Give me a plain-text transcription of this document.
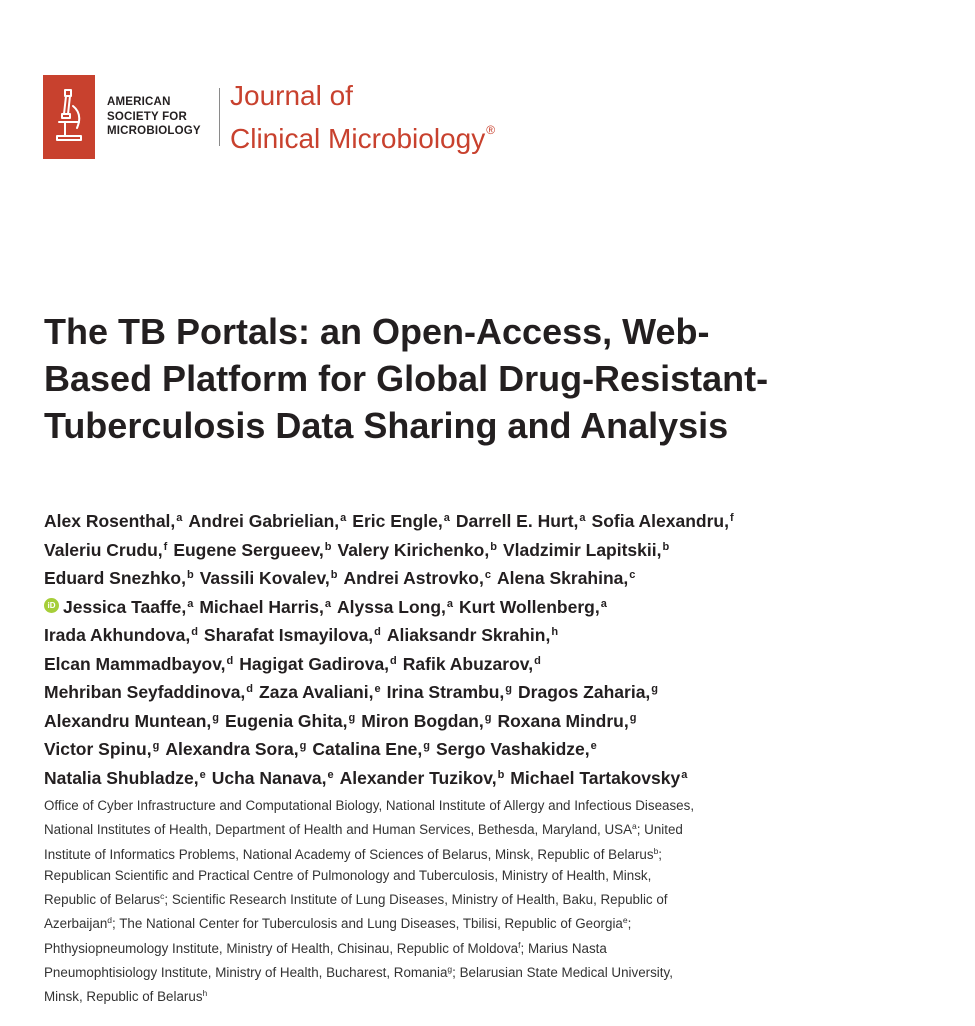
AMERICAN
SOCIETY FOR
MICROBIOLOGY
Journal of
Clinical Microbiology®
The TB Portals: an Open-Access, Web-
Based Platform for Global Drug-Resistant-
Tuberculosis Data Sharing and Analysis
Alex Rosenthal,$^a$ Andrei Gabrielian,$^a$ Eric Engle,$^a$ Darrell E. Hurt,$^a$ Sofia Alexandru,$^f$
Valeriu Crudu,$^f$ Eugene Sergueev,$^b$ Valery Kirichenko,$^b$ Vladzimir Lapitskii,$^b$
Eduard Snezhko,$^b$ Vassili Kovalev,$^b$ Andrei Astrovko,$^c$ Alena Skrahina,$^c$
iD Jessica Taaffe,$^a$ Michael Harris,$^a$ Alyssa Long,$^a$ Kurt Wollenberg,$^a$
Irada Akhundova,$^d$ Sharafat Ismayilova,$^d$ Aliaksandr Skrahin,$^h$
Elcan Mammadbayov,$^d$ Hagigat Gadirova,$^d$ Rafik Abuzarov,$^d$
Mehriban Seyfaddinova,$^d$ Zaza Avaliani,$^e$ Irina Strambu,$^g$ Dragos Zaharia,$^g$
Alexandru Muntean,$^g$ Eugenia Ghita,$^g$ Miron Bogdan,$^g$ Roxana Mindru,$^g$
Victor Spinu,$^g$ Alexandra Sora,$^g$ Catalina Ene,$^g$ Sergo Vashakidze,$^e$
Natalia Shubladze,$^e$ Ucha Nanava,$^e$ Alexander Tuzikov,$^b$ Michael Tartakovsky$^a$
Office of Cyber Infrastructure and Computational Biology, National Institute of Allergy and Infectious Diseases,
National Institutes of Health, Department of Health and Human Services, Bethesda, Maryland, USA$^a$; United
Institute of Informatics Problems, National Academy of Sciences of Belarus, Minsk, Republic of Belarus$^b$;
Republican Scientific and Practical Centre of Pulmonology and Tuberculosis, Ministry of Health, Minsk,
Republic of Belarus$^c$; Scientific Research Institute of Lung Diseases, Ministry of Health, Baku, Republic of
Azerbaijan$^d$; The National Center for Tuberculosis and Lung Diseases, Tbilisi, Republic of Georgia$^e$;
Phthysiopneumology Institute, Ministry of Health, Chisinau, Republic of Moldova$^f$; Marius Nasta
Pneumophtisiology Institute, Ministry of Health, Bucharest, Romania$^g$; Belarusian State Medical University,
Minsk, Republic of Belarus$^h$
